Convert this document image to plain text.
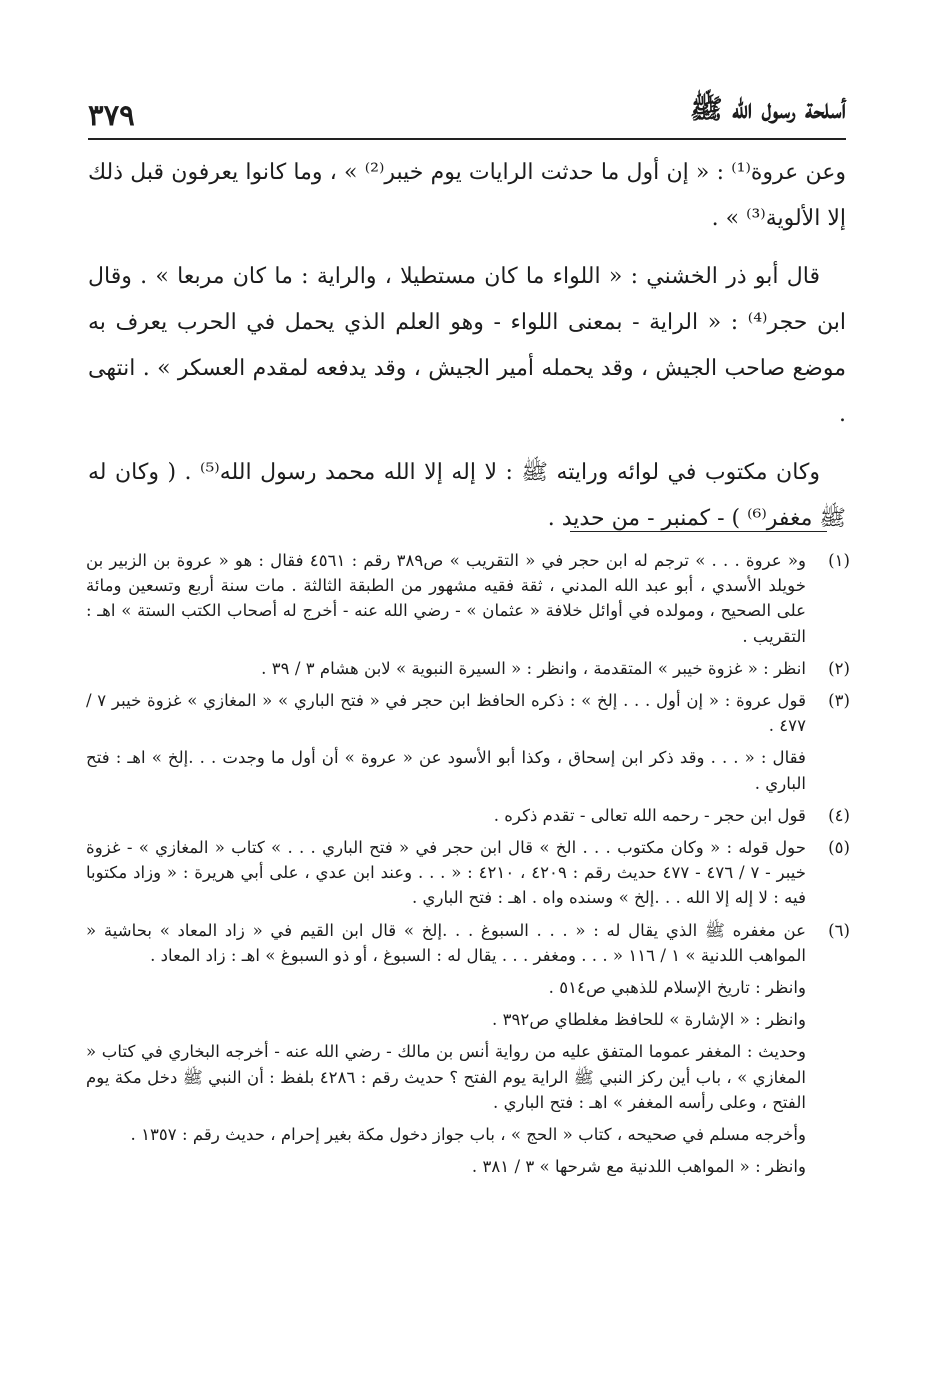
أسلحة رسول الله ﷺ
٣٧٩

وعن عروة⁽¹⁾ : « إن أول ما حدثت الرايات يوم خيبر⁽²⁾ » ، وما كانوا يعرفون قبل ذلك إلا الألوية⁽³⁾ » .

قال أبو ذر الخشني : « اللواء ما كان مستطيلا ، والراية : ما كان مربعا » . وقال ابن حجر⁽⁴⁾ : « الراية - بمعنى اللواء - وهو العلم الذي يحمل في الحرب يعرف به موضع صاحب الجيش ، وقد يحمله أمير الجيش ، وقد يدفعه لمقدم العسكر » . انتهى .

وكان مكتوب في لوائه ورايته ﷺ : لا إله إلا الله محمد رسول الله⁽⁵⁾ . ( وكان له ﷺ مغفر⁽⁶⁾ ) - كمنبر - من حديد .

(١)

و« عروة . . . » ترجم له ابن حجر في « التقريب » ص٣٨٩ رقم : ٤٥٦١ فقال : هو « عروة بن الزبير بن خويلد الأسدي ، أبو عبد الله المدني ، ثقة فقيه مشهور من الطبقة الثالثة . مات سنة أربع وتسعين ومائة على الصحيح ، ومولده في أوائل خلافة « عثمان » - رضي الله عنه - أخرج له أصحاب الكتب الستة » اهـ : التقريب .

(٢)

انظر : « غزوة خيبر » المتقدمة ، وانظر : « السيرة النبوية » لابن هشام ٣ / ٣٩ .

(٣)

قول عروة : « إن أول . . . إلخ » : ذكره الحافظ ابن حجر في « فتح الباري » « المغازي » غزوة خيبر ٧ / ٤٧٧ .

فقال : « . . . وقد ذكر ابن إسحاق ، وكذا أبو الأسود عن « عروة » أن أول ما وجدت . . .إلخ » اهـ : فتح الباري .

(٤)

قول ابن حجر - رحمه الله تعالى - تقدم ذكره .

(٥)

حول قوله : « وكان مكتوب . . . الخ » قال ابن حجر في « فتح الباري . . . » كتاب « المغازي » - غزوة خيبر - ٧ / ٤٧٦ - ٤٧٧ حديث رقم : ٤٢٠٩ ، ٤٢١٠ : « . . . وعند ابن عدي ، على أبي هريرة : « وزاد مكتوبا فيه : لا إله إلا الله . . .إلخ » وسنده واه . اهـ : فتح الباري .

(٦)

عن مغفره ﷺ الذي يقال له : « . . . السبوغ . . .إلخ » قال ابن القيم في « زاد المعاد » بحاشية « المواهب اللدنية » ١ / ١١٦ « . . . ومغفر . . . يقال له : السبوغ ، أو ذو السبوغ » اهـ : زاد المعاد .

وانظر : تاريخ الإسلام للذهبي ص٥١٤ .

وانظر : « الإشارة » للحافظ مغلطاي ص٣٩٢ .

وحديث : المغفر عموما المتفق عليه من رواية أنس بن مالك - رضي الله عنه - أخرجه البخاري في كتاب « المغازي » ، باب أين ركز النبي ﷺ الراية يوم الفتح ؟ حديث رقم : ٤٢٨٦ بلفظ : أن النبي ﷺ دخل مكة يوم الفتح ، وعلى رأسه المغفر » اهـ : فتح الباري .

وأخرجه مسلم في صحيحه ، كتاب « الحج » ، باب جواز دخول مكة بغير إحرام ، حديث رقم : ١٣٥٧ .

وانظر : « المواهب اللدنية مع شرحها » ٣ / ٣٨١ .
